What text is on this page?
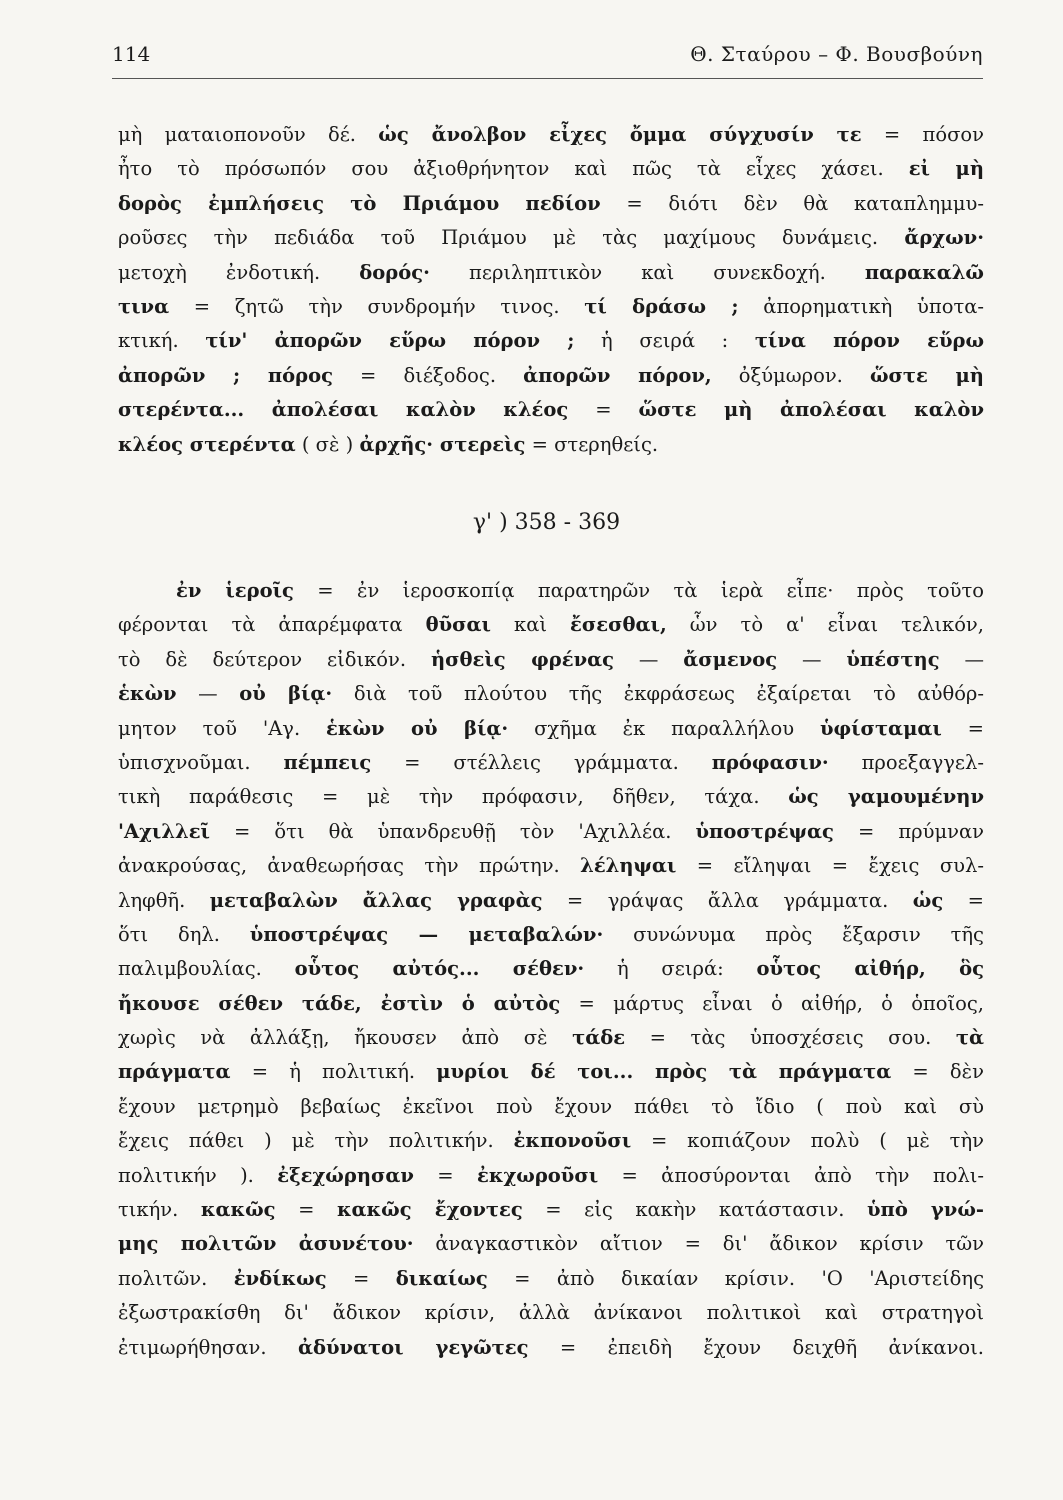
114	Θ. Σταύρου – Φ. Βουσβούνη
μὴ ματαιοπονοῦν δέ. ὡς ἄνολβον εἶχες ὄμμα σύγχυσίν τε = πόσον
ἦτο τὸ πρόσωπόν σου ἀξιοθρήνητον καὶ πῶς τὰ εἶχες χάσει. εἰ μὴ
δορὸς ἐμπλήσεις τὸ Πριάμου πεδίον = διότι δὲν θὰ καταπλημμυ-
ροῦσες τὴν πεδιάδα τοῦ Πριάμου μὲ τὰς μαχίμους δυνάμεις. ἄρχων·
μετοχὴ ἐνδοτική. δορός· περιληπτικὸν καὶ συνεκδοχή. παρακαλῶ
τινα = ζητῶ τὴν συνδρομήν τινος. τί δράσω ; ἀπορηματικὴ ὑποτα-
κτική. τίν' ἀπορῶν εὕρω πόρον ; ἡ σειρά : τίνα πόρον εὕρω
ἀπορῶν ; πόρος = διέξοδος. ἀπορῶν πόρον, ὀξύμωρον. ὥστε μὴ
στερέντα... ἀπολέσαι καλὸν κλέος = ὥστε μὴ ἀπολέσαι καλὸν
κλέος στερέντα ( σὲ ) ἀρχῆς· στερεὶς = στερηθείς.
γ' ) 358 - 369
ἐν ἱεροῖς = ἐν ἱεροσκοπίᾳ παρατηρῶν τὰ ἱερὰ εἶπε· πρὸς τοῦτο
φέρονται τὰ ἀπαρέμφατα θῦσαι καὶ ἔσεσθαι, ὧν τὸ α' εἶναι τελικόν,
τὸ δὲ δεύτερον εἰδικόν. ἡσθεὶς φρένας — ἄσμενος — ὑπέστης —
ἑκὼν — οὐ βίᾳ· διὰ τοῦ πλούτου τῆς ἐκφράσεως ἐξαίρεται τὸ αὐθόρ-
μητον τοῦ 'Αγ. ἑκὼν οὐ βίᾳ· σχῆμα ἐκ παραλλήλου ὑφίσταμαι =
ὑπισχνοῦμαι. πέμπεις = στέλλεις γράμματα. πρόφασιν· προεξαγγελ-
τικὴ παράθεσις = μὲ τὴν πρόφασιν, δῆθεν, τάχα. ὡς γαμουμένην
'Αχιλλεῖ = ὅτι θὰ ὑπανδρευθῇ τὸν 'Αχιλλέα. ὑποστρέψας = πρύμναν
ἀνακρούσας, ἀναθεωρήσας τὴν πρώτην. λέληψαι = εἴληψαι = ἔχεις συλ-
ληφθῆ. μεταβαλὼν ἄλλας γραφὰς = γράψας ἄλλα γράμματα. ὡς =
ὅτι δηλ. ὑποστρέψας — μεταβαλών· συνώνυμα πρὸς ἔξαρσιν τῆς
παλιμβουλίας. οὗτος αὐτός... σέθεν· ἡ σειρά: οὗτος αἰθήρ, ὃς
ἤκουσε σέθεν τάδε, ἐστὶν ὁ αὐτὸς = μάρτυς εἶναι ὁ αἰθήρ, ὁ ὁποῖος,
χωρὶς νὰ ἀλλάξῃ, ἤκουσεν ἀπὸ σὲ τάδε = τὰς ὑποσχέσεις σου. τὰ
πράγματα = ἡ πολιτική. μυρίοι δέ τοι... πρὸς τὰ πράγματα = δὲν
ἔχουν μετρημὸ βεβαίως ἐκεῖνοι ποὺ ἔχουν πάθει τὸ ἴδιο ( ποὺ καὶ σὺ
ἔχεις πάθει ) μὲ τὴν πολιτικήν. ἐκπονοῦσι = κοπιάζουν πολὺ ( μὲ τὴν
πολιτικήν ). ἐξεχώρησαν = ἐκχωροῦσι = ἀποσύρονται ἀπὸ τὴν πολι-
τικήν. κακῶς = κακῶς ἔχοντες = εἰς κακὴν κατάστασιν. ὑπὸ γνώ-
μης πολιτῶν ἀσυνέτου· ἀναγκαστικὸν αἴτιον = δι' ἄδικον κρίσιν τῶν
πολιτῶν. ἐνδίκως = δικαίως = ἀπὸ δικαίαν κρίσιν. 'Ο 'Αριστείδης
ἐξωστρακίσθη δι' ἄδικον κρίσιν, ἀλλὰ ἀνίκανοι πολιτικοὶ καὶ στρατηγοὶ
ἐτιμωρήθησαν. ἀδύνατοι γεγῶτες = ἐπειδὴ ἔχουν δειχθῆ ἀνίκανοι.
